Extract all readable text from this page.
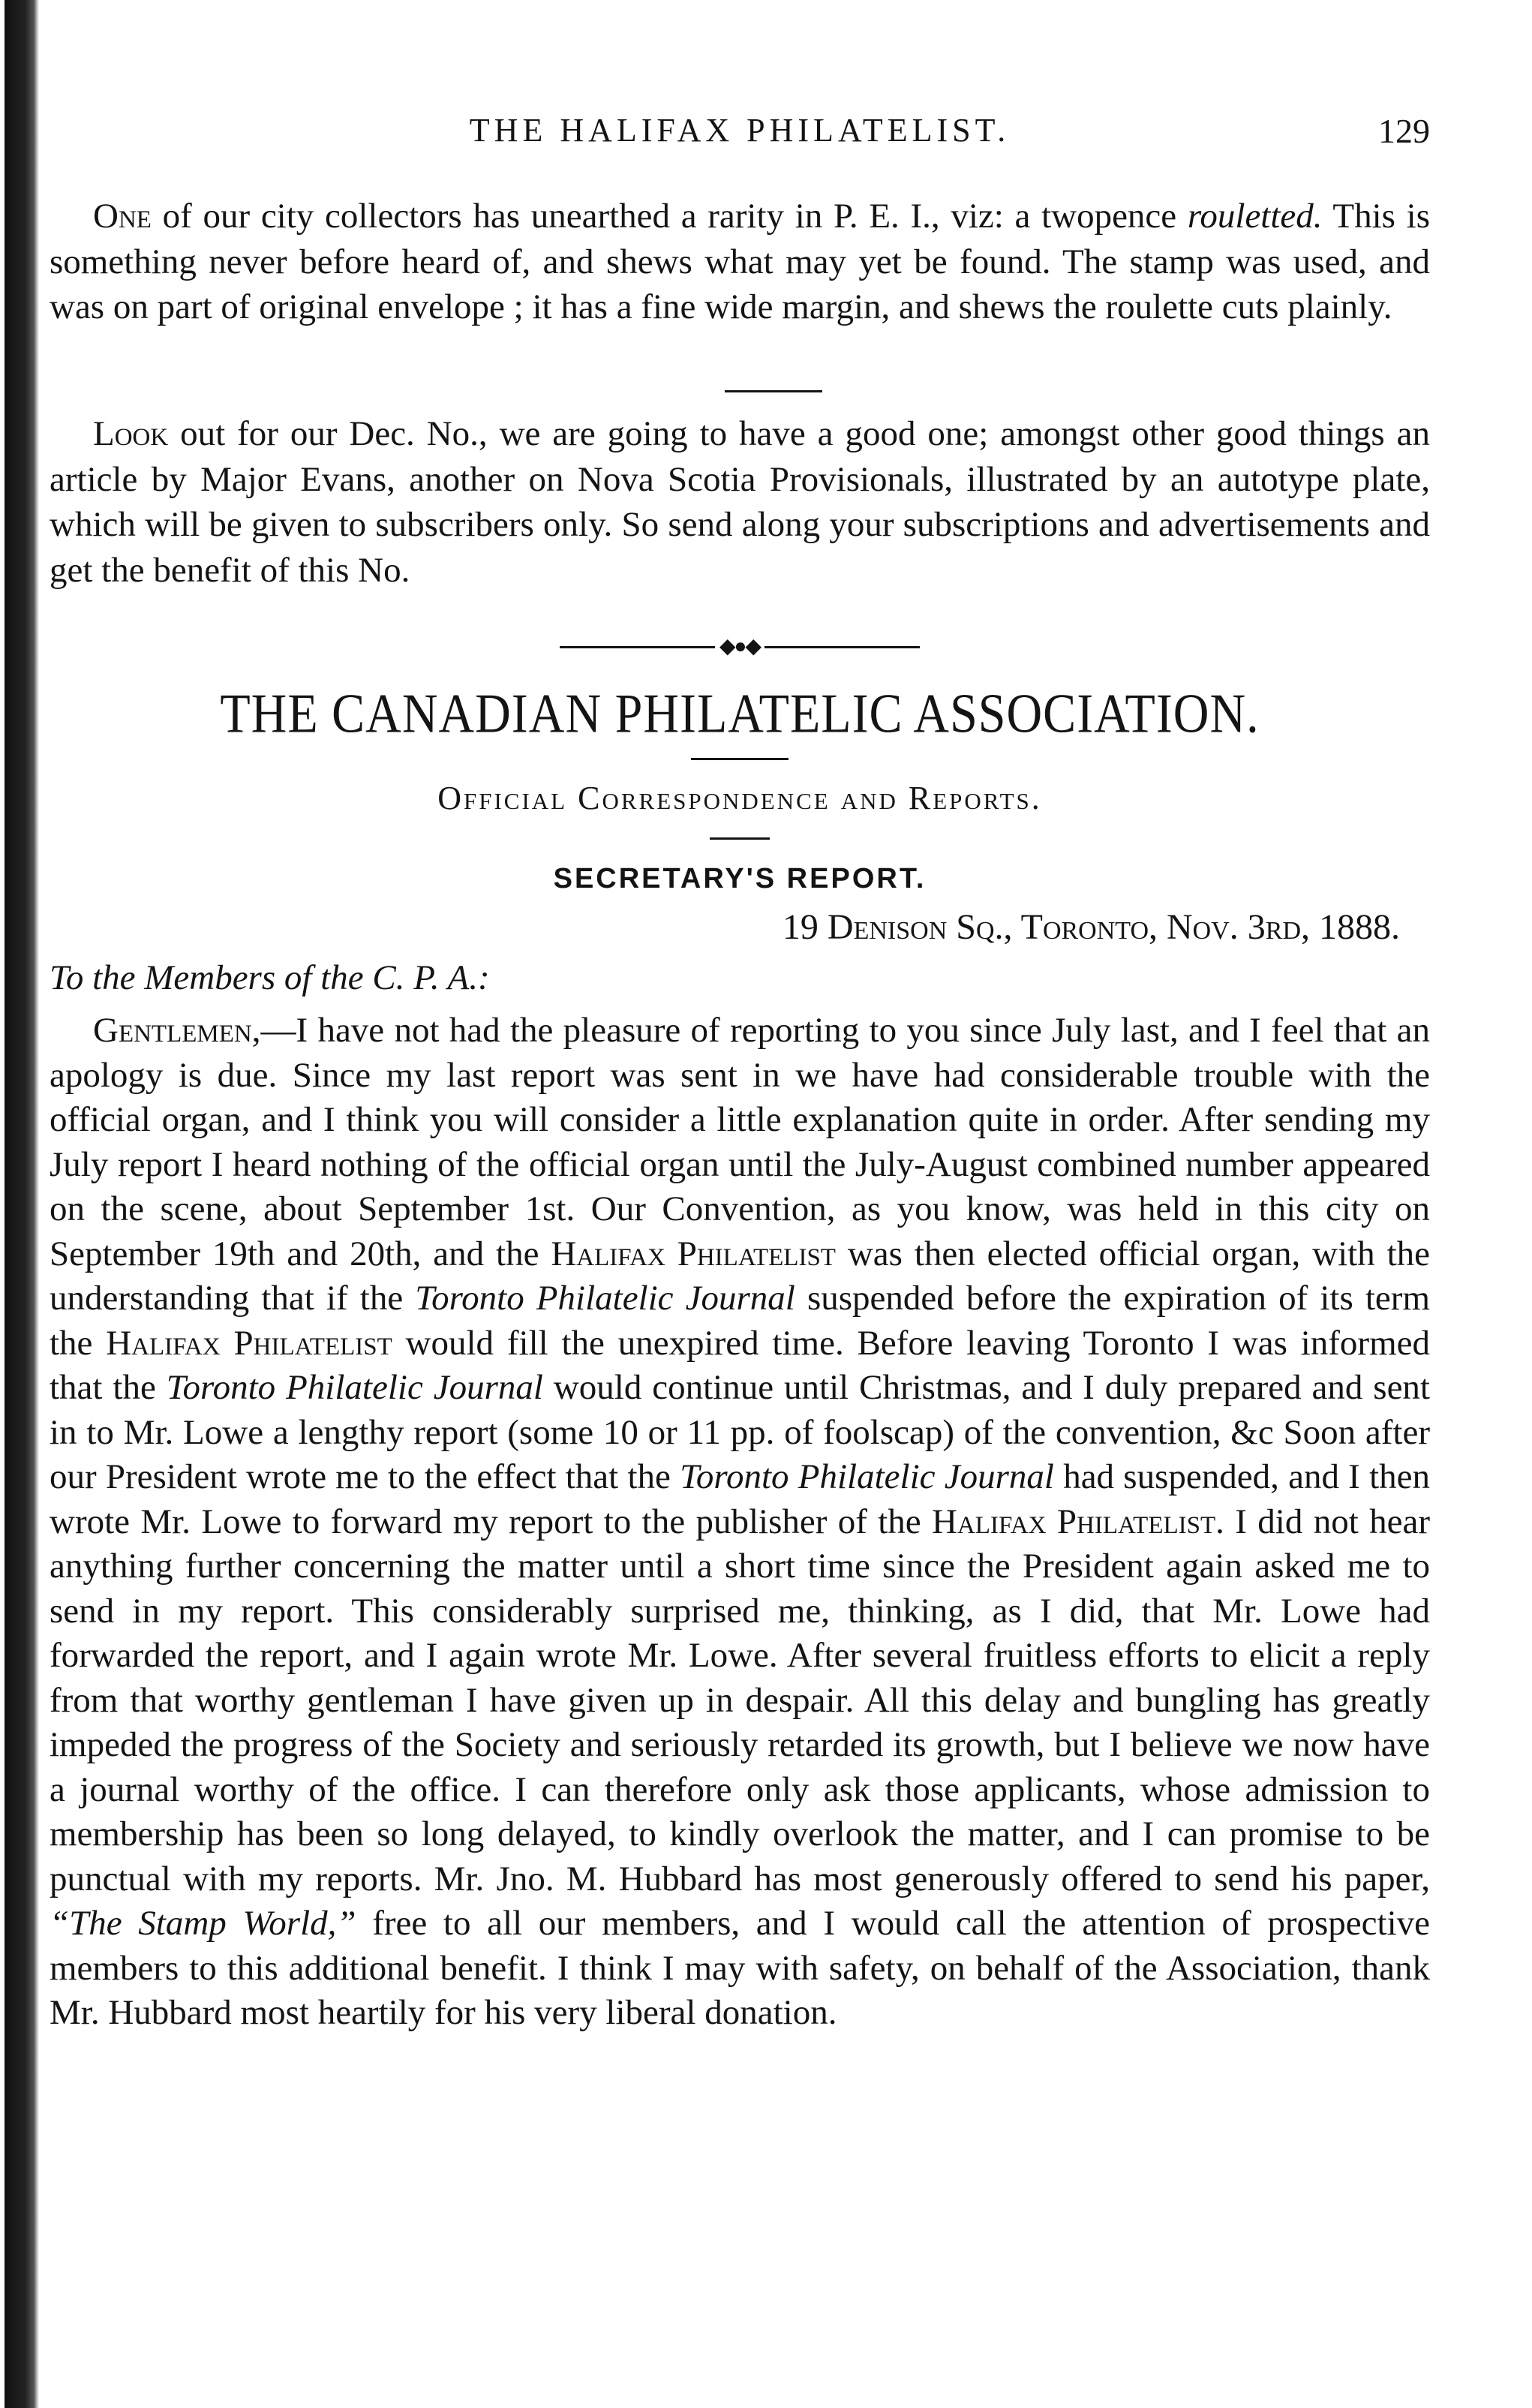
THE HALIFAX PHILATELIST.	129

One of our city collectors has unearthed a rarity in P. E. I., viz: a twopence rouletted. This is something never before heard of, and shews what may yet be found. The stamp was used, and was on part of original envelope ; it has a fine wide margin, and shews the roulette cuts plainly.

Look out for our Dec. No., we are going to have a good one; amongst other good things an article by Major Evans, another on Nova Scotia Provisionals, illustrated by an autotype plate, which will be given to subscribers only. So send along your subscriptions and advertisements and get the benefit of this No.

◆●◆
THE CANADIAN PHILATELIC ASSOCIATION.
Official Correspondence and Reports.
SECRETARY'S REPORT.
19 Denison Sq., Toronto, Nov. 3rd, 1888.
To the Members of the C. P. A.:

Gentlemen,—I have not had the pleasure of reporting to you since July last, and I feel that an apology is due. Since my last report was sent in we have had considerable trouble with the official organ, and I think you will consider a little explanation quite in order. After sending my July report I heard nothing of the official organ until the July-August combined number appeared on the scene, about September 1st. Our Convention, as you know, was held in this city on September 19th and 20th, and the Halifax Philatelist was then elected official organ, with the understanding that if the Toronto Philatelic Journal suspended before the expiration of its term the Halifax Philatelist would fill the unexpired time. Before leaving Toronto I was informed that the Toronto Philatelic Journal would continue until Christmas, and I duly prepared and sent in to Mr. Lowe a lengthy report (some 10 or 11 pp. of foolscap) of the convention, &c Soon after our President wrote me to the effect that the Toronto Philatelic Journal had suspended, and I then wrote Mr. Lowe to forward my report to the publisher of the Halifax Philatelist. I did not hear anything further concerning the matter until a short time since the President again asked me to send in my report. This considerably surprised me, thinking, as I did, that Mr. Lowe had forwarded the report, and I again wrote Mr. Lowe. After several fruitless efforts to elicit a reply from that worthy gentleman I have given up in despair. All this delay and bungling has greatly impeded the progress of the Society and seriously retarded its growth, but I believe we now have a journal worthy of the office. I can therefore only ask those applicants, whose admission to membership has been so long delayed, to kindly overlook the matter, and I can promise to be punctual with my reports. Mr. Jno. M. Hubbard has most generously offered to send his paper, “The Stamp World,” free to all our members, and I would call the attention of prospective members to this additional benefit. I think I may with safety, on behalf of the Association, thank Mr. Hubbard most heartily for his very liberal donation.
